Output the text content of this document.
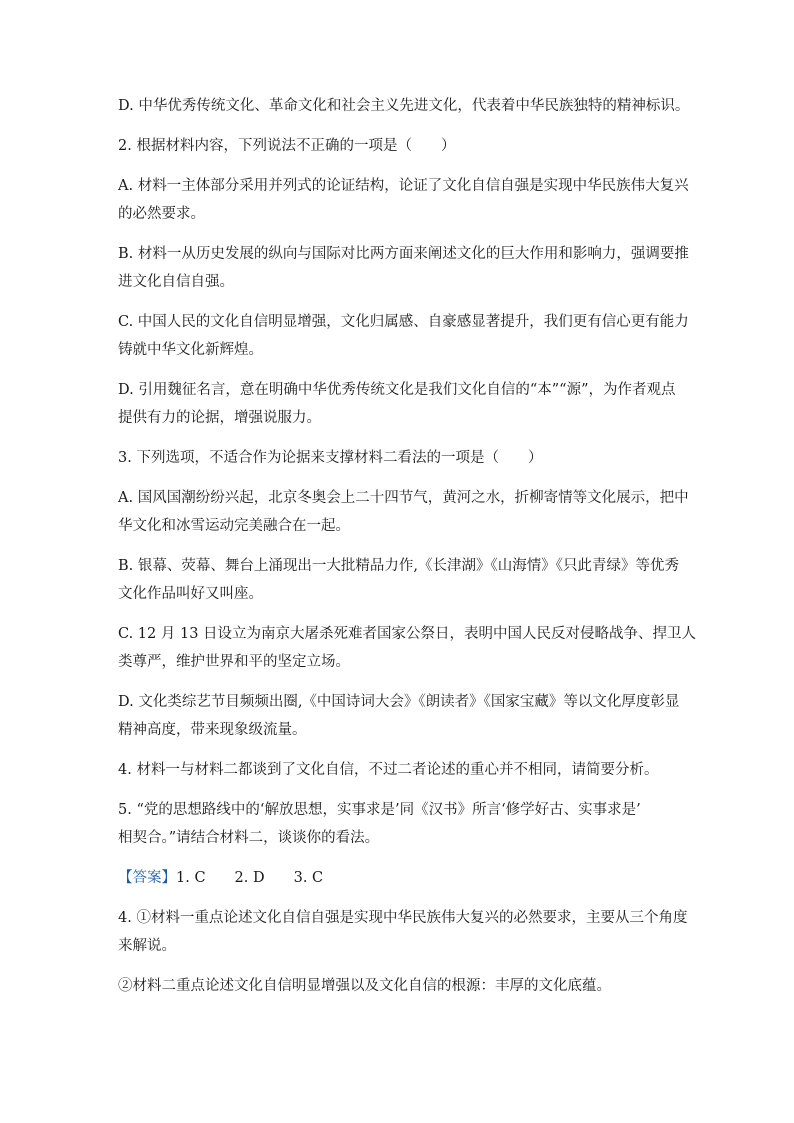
D. 中华优秀传统文化、革命文化和社会主义先进文化，代表着中华民族独特的精神标识。
2. 根据材料内容，下列说法不正确的一项是（　　）
A. 材料一主体部分采用并列式的论证结构，论证了文化自信自强是实现中华民族伟大复兴
的必然要求。
B. 材料一从历史发展的纵向与国际对比两方面来阐述文化的巨大作用和影响力，强调要推
进文化自信自强。
C. 中国人民的文化自信明显增强，文化归属感、自豪感显著提升，我们更有信心更有能力
铸就中华文化新辉煌。
D. 引用魏征名言，意在明确中华优秀传统文化是我们文化自信的“本”“源”，为作者观点
提供有力的论据，增强说服力。
3. 下列选项，不适合作为论据来支撑材料二看法的一项是（　　）
A. 国风国潮纷纷兴起，北京冬奥会上二十四节气，黄河之水，折柳寄情等文化展示，把中
华文化和冰雪运动完美融合在一起。
B. 银幕、荧幕、舞台上涌现出一大批精品力作,《长津湖》《山海情》《只此青绿》等优秀
文化作品叫好又叫座。
C. 12 月 13 日设立为南京大屠杀死难者国家公祭日，表明中国人民反对侵略战争、捍卫人
类尊严，维护世界和平的坚定立场。
D. 文化类综艺节目频频出圈,《中国诗词大会》《朗读者》《国家宝藏》等以文化厚度彰显
精神高度，带来现象级流量。
4. 材料一与材料二都谈到了文化自信，不过二者论述的重心并不相同，请简要分析。
5. “党的思想路线中的‘解放思想，实事求是’同《汉书》所言‘修学好古、实事求是’
相契合。”请结合材料二，谈谈你的看法。
【答案】1. C　　2. D　　3. C
4. ①材料一重点论述文化自信自强是实现中华民族伟大复兴的必然要求，主要从三个角度
来解说。
②材料二重点论述文化自信明显增强以及文化自信的根源：丰厚的文化底蕴。
